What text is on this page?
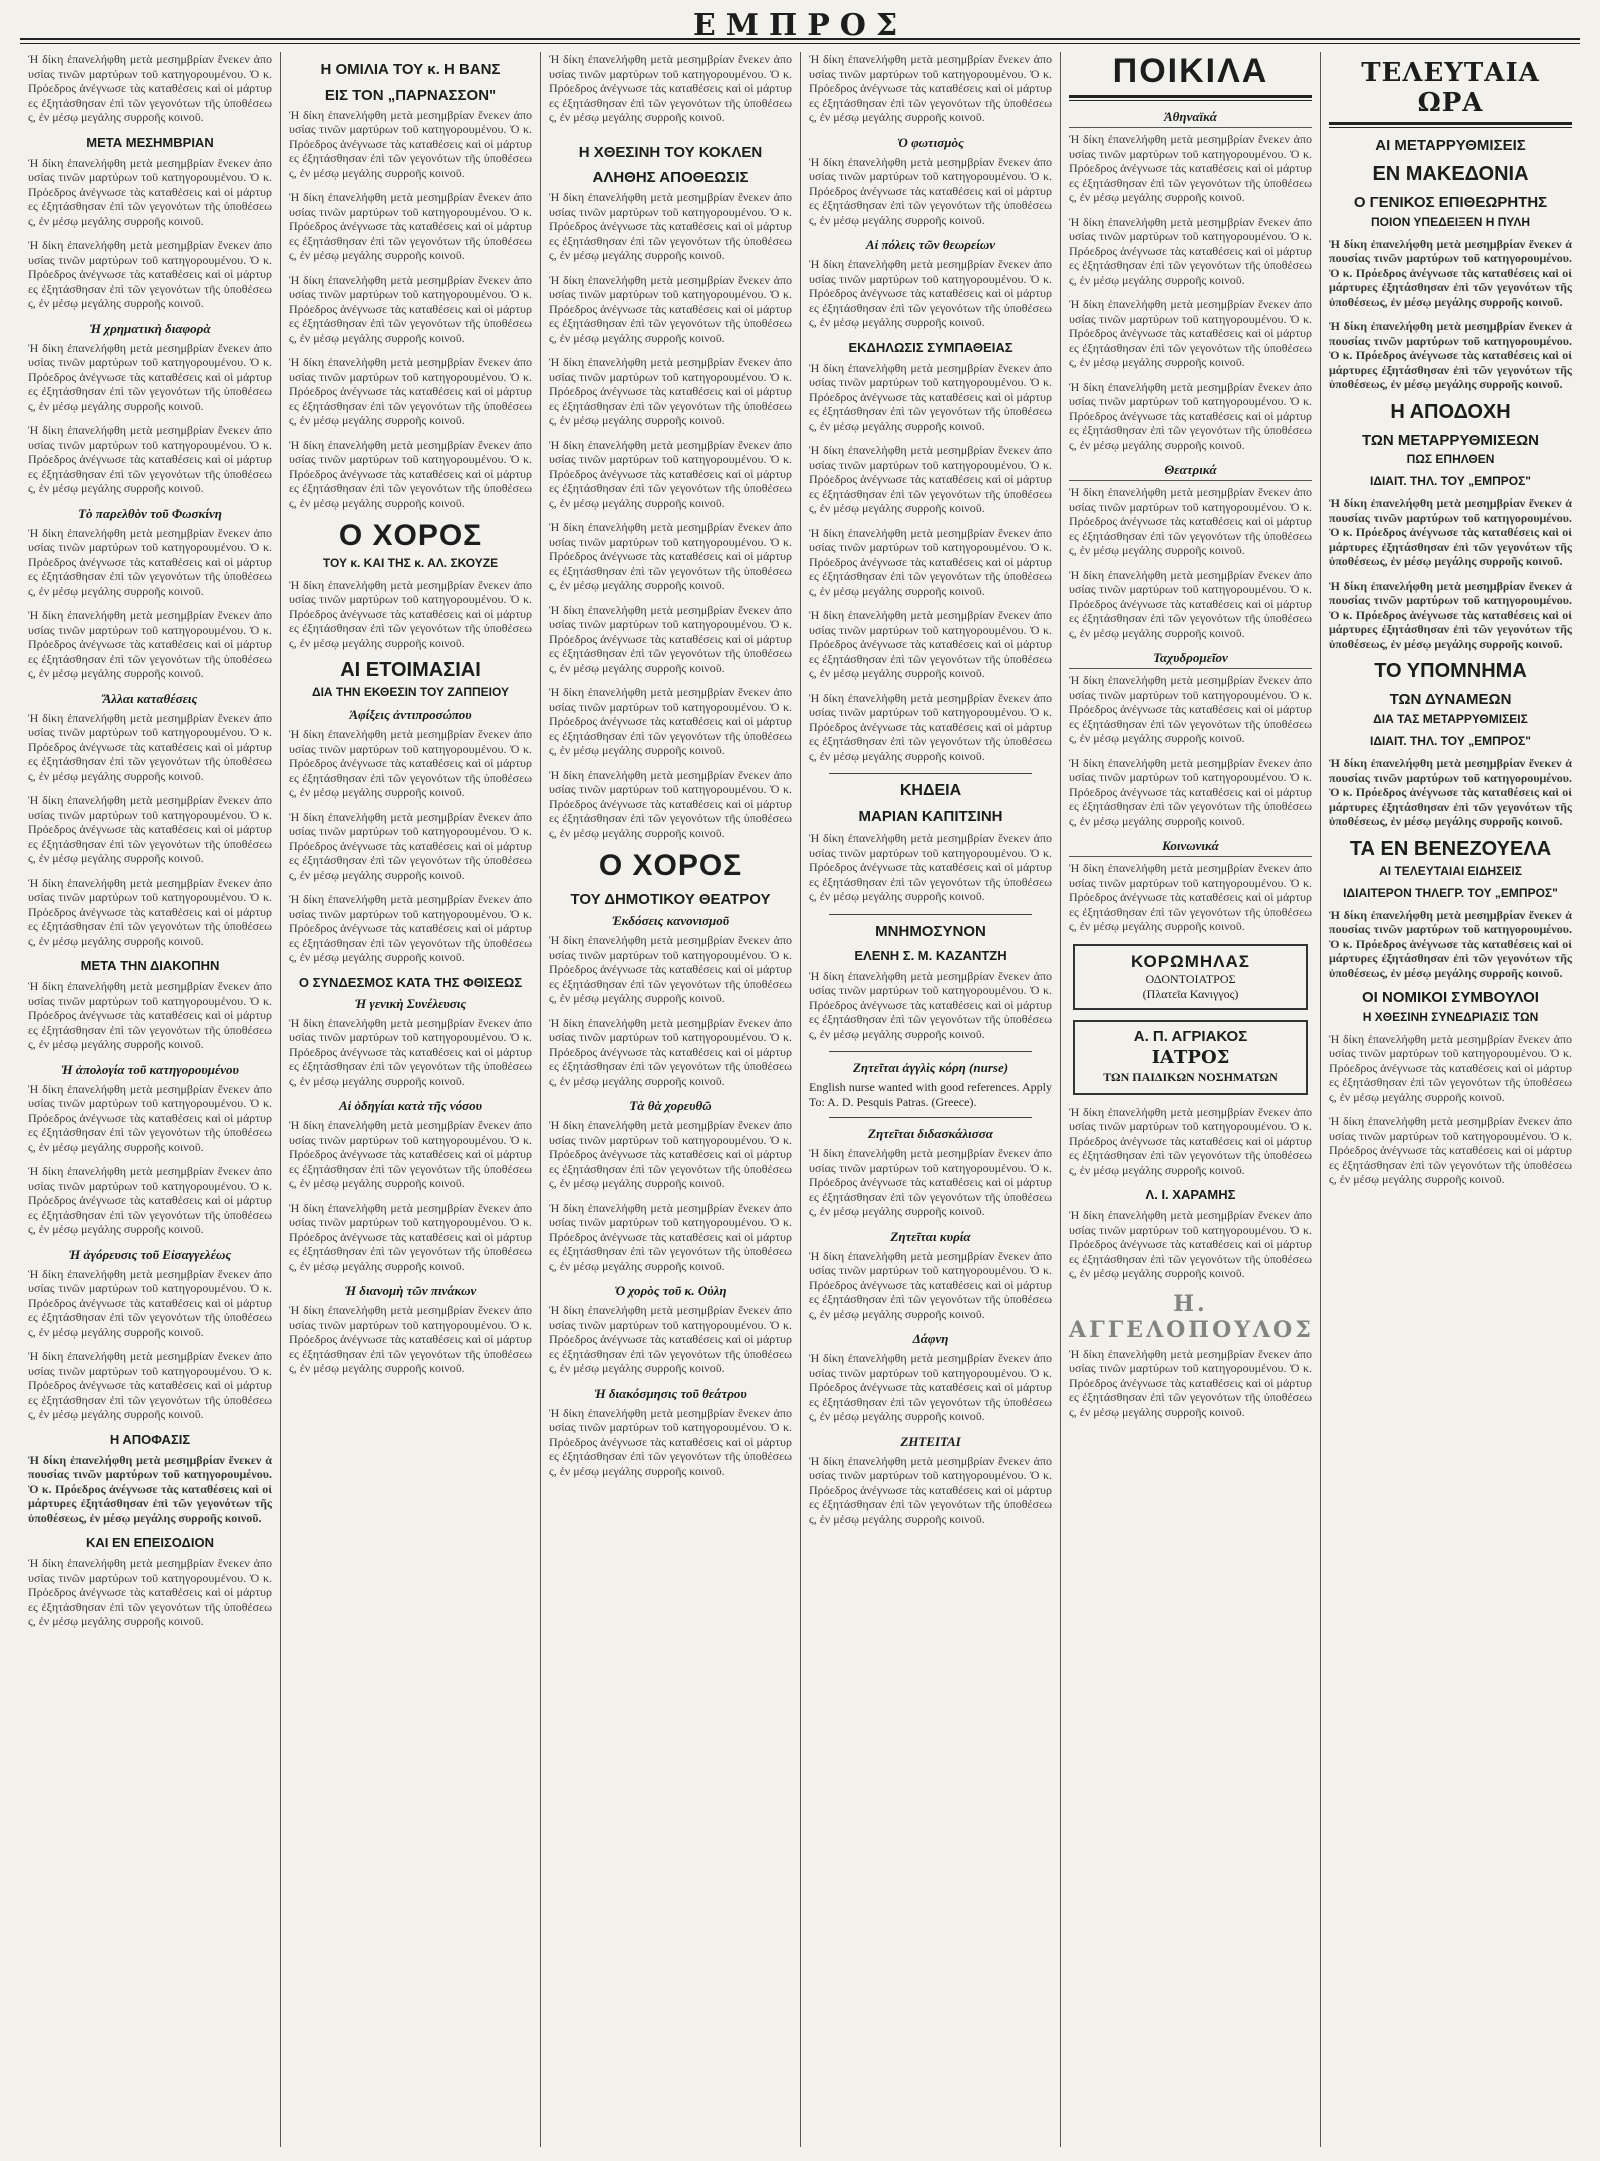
ΕΜΠΡΟΣ

Ἡ δίκη ἐπανελήφθη μετὰ μεσημβρίαν ἕνεκεν ἀπουσίας τινῶν μαρτύρων τοῦ κατηγορουμένου. Ὁ κ. Πρόεδρος ἀνέγνωσε τὰς καταθέσεις καὶ οἱ μάρτυρες ἐξητάσθησαν ἐπὶ τῶν γεγονότων τῆς ὑποθέσεως, ἐν μέσῳ μεγάλης συρροῆς κοινοῦ.

ΜΕΤΑ ΜΕΣΗΜΒΡΙΑΝ

Ἡ δίκη ἐπανελήφθη μετὰ μεσημβρίαν ἕνεκεν ἀπουσίας τινῶν μαρτύρων τοῦ κατηγορουμένου. Ὁ κ. Πρόεδρος ἀνέγνωσε τὰς καταθέσεις καὶ οἱ μάρτυρες ἐξητάσθησαν ἐπὶ τῶν γεγονότων τῆς ὑποθέσεως, ἐν μέσῳ μεγάλης συρροῆς κοινοῦ.

Ἡ δίκη ἐπανελήφθη μετὰ μεσημβρίαν ἕνεκεν ἀπουσίας τινῶν μαρτύρων τοῦ κατηγορουμένου. Ὁ κ. Πρόεδρος ἀνέγνωσε τὰς καταθέσεις καὶ οἱ μάρτυρες ἐξητάσθησαν ἐπὶ τῶν γεγονότων τῆς ὑποθέσεως, ἐν μέσῳ μεγάλης συρροῆς κοινοῦ.

Ἡ χρηματικὴ διαφορὰ

Ἡ δίκη ἐπανελήφθη μετὰ μεσημβρίαν ἕνεκεν ἀπουσίας τινῶν μαρτύρων τοῦ κατηγορουμένου. Ὁ κ. Πρόεδρος ἀνέγνωσε τὰς καταθέσεις καὶ οἱ μάρτυρες ἐξητάσθησαν ἐπὶ τῶν γεγονότων τῆς ὑποθέσεως, ἐν μέσῳ μεγάλης συρροῆς κοινοῦ.

Ἡ δίκη ἐπανελήφθη μετὰ μεσημβρίαν ἕνεκεν ἀπουσίας τινῶν μαρτύρων τοῦ κατηγορουμένου. Ὁ κ. Πρόεδρος ἀνέγνωσε τὰς καταθέσεις καὶ οἱ μάρτυρες ἐξητάσθησαν ἐπὶ τῶν γεγονότων τῆς ὑποθέσεως, ἐν μέσῳ μεγάλης συρροῆς κοινοῦ.

Τὸ παρελθὸν τοῦ Φωσκίνη

Ἡ δίκη ἐπανελήφθη μετὰ μεσημβρίαν ἕνεκεν ἀπουσίας τινῶν μαρτύρων τοῦ κατηγορουμένου. Ὁ κ. Πρόεδρος ἀνέγνωσε τὰς καταθέσεις καὶ οἱ μάρτυρες ἐξητάσθησαν ἐπὶ τῶν γεγονότων τῆς ὑποθέσεως, ἐν μέσῳ μεγάλης συρροῆς κοινοῦ.

Ἡ δίκη ἐπανελήφθη μετὰ μεσημβρίαν ἕνεκεν ἀπουσίας τινῶν μαρτύρων τοῦ κατηγορουμένου. Ὁ κ. Πρόεδρος ἀνέγνωσε τὰς καταθέσεις καὶ οἱ μάρτυρες ἐξητάσθησαν ἐπὶ τῶν γεγονότων τῆς ὑποθέσεως, ἐν μέσῳ μεγάλης συρροῆς κοινοῦ.

Ἄλλαι καταθέσεις

Ἡ δίκη ἐπανελήφθη μετὰ μεσημβρίαν ἕνεκεν ἀπουσίας τινῶν μαρτύρων τοῦ κατηγορουμένου. Ὁ κ. Πρόεδρος ἀνέγνωσε τὰς καταθέσεις καὶ οἱ μάρτυρες ἐξητάσθησαν ἐπὶ τῶν γεγονότων τῆς ὑποθέσεως, ἐν μέσῳ μεγάλης συρροῆς κοινοῦ.

Ἡ δίκη ἐπανελήφθη μετὰ μεσημβρίαν ἕνεκεν ἀπουσίας τινῶν μαρτύρων τοῦ κατηγορουμένου. Ὁ κ. Πρόεδρος ἀνέγνωσε τὰς καταθέσεις καὶ οἱ μάρτυρες ἐξητάσθησαν ἐπὶ τῶν γεγονότων τῆς ὑποθέσεως, ἐν μέσῳ μεγάλης συρροῆς κοινοῦ.

Ἡ δίκη ἐπανελήφθη μετὰ μεσημβρίαν ἕνεκεν ἀπουσίας τινῶν μαρτύρων τοῦ κατηγορουμένου. Ὁ κ. Πρόεδρος ἀνέγνωσε τὰς καταθέσεις καὶ οἱ μάρτυρες ἐξητάσθησαν ἐπὶ τῶν γεγονότων τῆς ὑποθέσεως, ἐν μέσῳ μεγάλης συρροῆς κοινοῦ.

ΜΕΤΑ ΤΗΝ ΔΙΑΚΟΠΗΝ

Ἡ δίκη ἐπανελήφθη μετὰ μεσημβρίαν ἕνεκεν ἀπουσίας τινῶν μαρτύρων τοῦ κατηγορουμένου. Ὁ κ. Πρόεδρος ἀνέγνωσε τὰς καταθέσεις καὶ οἱ μάρτυρες ἐξητάσθησαν ἐπὶ τῶν γεγονότων τῆς ὑποθέσεως, ἐν μέσῳ μεγάλης συρροῆς κοινοῦ.

Ἡ ἀπολογία τοῦ κατηγορουμένου

Ἡ δίκη ἐπανελήφθη μετὰ μεσημβρίαν ἕνεκεν ἀπουσίας τινῶν μαρτύρων τοῦ κατηγορουμένου. Ὁ κ. Πρόεδρος ἀνέγνωσε τὰς καταθέσεις καὶ οἱ μάρτυρες ἐξητάσθησαν ἐπὶ τῶν γεγονότων τῆς ὑποθέσεως, ἐν μέσῳ μεγάλης συρροῆς κοινοῦ.

Ἡ δίκη ἐπανελήφθη μετὰ μεσημβρίαν ἕνεκεν ἀπουσίας τινῶν μαρτύρων τοῦ κατηγορουμένου. Ὁ κ. Πρόεδρος ἀνέγνωσε τὰς καταθέσεις καὶ οἱ μάρτυρες ἐξητάσθησαν ἐπὶ τῶν γεγονότων τῆς ὑποθέσεως, ἐν μέσῳ μεγάλης συρροῆς κοινοῦ.

Ἡ ἀγόρευσις τοῦ Εἰσαγγελέως

Ἡ δίκη ἐπανελήφθη μετὰ μεσημβρίαν ἕνεκεν ἀπουσίας τινῶν μαρτύρων τοῦ κατηγορουμένου. Ὁ κ. Πρόεδρος ἀνέγνωσε τὰς καταθέσεις καὶ οἱ μάρτυρες ἐξητάσθησαν ἐπὶ τῶν γεγονότων τῆς ὑποθέσεως, ἐν μέσῳ μεγάλης συρροῆς κοινοῦ.

Ἡ δίκη ἐπανελήφθη μετὰ μεσημβρίαν ἕνεκεν ἀπουσίας τινῶν μαρτύρων τοῦ κατηγορουμένου. Ὁ κ. Πρόεδρος ἀνέγνωσε τὰς καταθέσεις καὶ οἱ μάρτυρες ἐξητάσθησαν ἐπὶ τῶν γεγονότων τῆς ὑποθέσεως, ἐν μέσῳ μεγάλης συρροῆς κοινοῦ.

Η ΑΠΟΦΑΣΙΣ

Ἡ δίκη ἐπανελήφθη μετὰ μεσημβρίαν ἕνεκεν ἀπουσίας τινῶν μαρτύρων τοῦ κατηγορουμένου. Ὁ κ. Πρόεδρος ἀνέγνωσε τὰς καταθέσεις καὶ οἱ μάρτυρες ἐξητάσθησαν ἐπὶ τῶν γεγονότων τῆς ὑποθέσεως, ἐν μέσῳ μεγάλης συρροῆς κοινοῦ.

ΚΑΙ ΕΝ ΕΠΕΙΣΟΔΙΟΝ

Ἡ δίκη ἐπανελήφθη μετὰ μεσημβρίαν ἕνεκεν ἀπουσίας τινῶν μαρτύρων τοῦ κατηγορουμένου. Ὁ κ. Πρόεδρος ἀνέγνωσε τὰς καταθέσεις καὶ οἱ μάρτυρες ἐξητάσθησαν ἐπὶ τῶν γεγονότων τῆς ὑποθέσεως, ἐν μέσῳ μεγάλης συρροῆς κοινοῦ.

Η ΟΜΙΛΙΑ ΤΟΥ κ. Η ΒΑΝΣ
ΕΙΣ ΤΟΝ „ΠΑΡΝΑΣΣΟΝ"

Ἡ δίκη ἐπανελήφθη μετὰ μεσημβρίαν ἕνεκεν ἀπουσίας τινῶν μαρτύρων τοῦ κατηγορουμένου. Ὁ κ. Πρόεδρος ἀνέγνωσε τὰς καταθέσεις καὶ οἱ μάρτυρες ἐξητάσθησαν ἐπὶ τῶν γεγονότων τῆς ὑποθέσεως, ἐν μέσῳ μεγάλης συρροῆς κοινοῦ.

Ἡ δίκη ἐπανελήφθη μετὰ μεσημβρίαν ἕνεκεν ἀπουσίας τινῶν μαρτύρων τοῦ κατηγορουμένου. Ὁ κ. Πρόεδρος ἀνέγνωσε τὰς καταθέσεις καὶ οἱ μάρτυρες ἐξητάσθησαν ἐπὶ τῶν γεγονότων τῆς ὑποθέσεως, ἐν μέσῳ μεγάλης συρροῆς κοινοῦ.

Ἡ δίκη ἐπανελήφθη μετὰ μεσημβρίαν ἕνεκεν ἀπουσίας τινῶν μαρτύρων τοῦ κατηγορουμένου. Ὁ κ. Πρόεδρος ἀνέγνωσε τὰς καταθέσεις καὶ οἱ μάρτυρες ἐξητάσθησαν ἐπὶ τῶν γεγονότων τῆς ὑποθέσεως, ἐν μέσῳ μεγάλης συρροῆς κοινοῦ.

Ἡ δίκη ἐπανελήφθη μετὰ μεσημβρίαν ἕνεκεν ἀπουσίας τινῶν μαρτύρων τοῦ κατηγορουμένου. Ὁ κ. Πρόεδρος ἀνέγνωσε τὰς καταθέσεις καὶ οἱ μάρτυρες ἐξητάσθησαν ἐπὶ τῶν γεγονότων τῆς ὑποθέσεως, ἐν μέσῳ μεγάλης συρροῆς κοινοῦ.

Ἡ δίκη ἐπανελήφθη μετὰ μεσημβρίαν ἕνεκεν ἀπουσίας τινῶν μαρτύρων τοῦ κατηγορουμένου. Ὁ κ. Πρόεδρος ἀνέγνωσε τὰς καταθέσεις καὶ οἱ μάρτυρες ἐξητάσθησαν ἐπὶ τῶν γεγονότων τῆς ὑποθέσεως, ἐν μέσῳ μεγάλης συρροῆς κοινοῦ.

Ο ΧΟΡΟΣ
ΤΟΥ κ. ΚΑΙ ΤΗΣ κ. ΑΛ. ΣΚΟΥΖΕ

Ἡ δίκη ἐπανελήφθη μετὰ μεσημβρίαν ἕνεκεν ἀπουσίας τινῶν μαρτύρων τοῦ κατηγορουμένου. Ὁ κ. Πρόεδρος ἀνέγνωσε τὰς καταθέσεις καὶ οἱ μάρτυρες ἐξητάσθησαν ἐπὶ τῶν γεγονότων τῆς ὑποθέσεως, ἐν μέσῳ μεγάλης συρροῆς κοινοῦ.

ΑΙ ΕΤΟΙΜΑΣΙΑΙ
ΔΙΑ ΤΗΝ ΕΚΘΕΣΙΝ ΤΟΥ ΖΑΠΠΕΙΟΥ
Ἀφίξεις ἀντιπροσώπου

Ἡ δίκη ἐπανελήφθη μετὰ μεσημβρίαν ἕνεκεν ἀπουσίας τινῶν μαρτύρων τοῦ κατηγορουμένου. Ὁ κ. Πρόεδρος ἀνέγνωσε τὰς καταθέσεις καὶ οἱ μάρτυρες ἐξητάσθησαν ἐπὶ τῶν γεγονότων τῆς ὑποθέσεως, ἐν μέσῳ μεγάλης συρροῆς κοινοῦ.

Ἡ δίκη ἐπανελήφθη μετὰ μεσημβρίαν ἕνεκεν ἀπουσίας τινῶν μαρτύρων τοῦ κατηγορουμένου. Ὁ κ. Πρόεδρος ἀνέγνωσε τὰς καταθέσεις καὶ οἱ μάρτυρες ἐξητάσθησαν ἐπὶ τῶν γεγονότων τῆς ὑποθέσεως, ἐν μέσῳ μεγάλης συρροῆς κοινοῦ.

Ἡ δίκη ἐπανελήφθη μετὰ μεσημβρίαν ἕνεκεν ἀπουσίας τινῶν μαρτύρων τοῦ κατηγορουμένου. Ὁ κ. Πρόεδρος ἀνέγνωσε τὰς καταθέσεις καὶ οἱ μάρτυρες ἐξητάσθησαν ἐπὶ τῶν γεγονότων τῆς ὑποθέσεως, ἐν μέσῳ μεγάλης συρροῆς κοινοῦ.

Ο ΣΥΝΔΕΣΜΟΣ ΚΑΤΑ ΤΗΣ ΦΘΙΣΕΩΣ
Ἡ γενικὴ Συνέλευσις

Ἡ δίκη ἐπανελήφθη μετὰ μεσημβρίαν ἕνεκεν ἀπουσίας τινῶν μαρτύρων τοῦ κατηγορουμένου. Ὁ κ. Πρόεδρος ἀνέγνωσε τὰς καταθέσεις καὶ οἱ μάρτυρες ἐξητάσθησαν ἐπὶ τῶν γεγονότων τῆς ὑποθέσεως, ἐν μέσῳ μεγάλης συρροῆς κοινοῦ.

Αἱ ὁδηγίαι κατὰ τῆς νόσου

Ἡ δίκη ἐπανελήφθη μετὰ μεσημβρίαν ἕνεκεν ἀπουσίας τινῶν μαρτύρων τοῦ κατηγορουμένου. Ὁ κ. Πρόεδρος ἀνέγνωσε τὰς καταθέσεις καὶ οἱ μάρτυρες ἐξητάσθησαν ἐπὶ τῶν γεγονότων τῆς ὑποθέσεως, ἐν μέσῳ μεγάλης συρροῆς κοινοῦ.

Ἡ δίκη ἐπανελήφθη μετὰ μεσημβρίαν ἕνεκεν ἀπουσίας τινῶν μαρτύρων τοῦ κατηγορουμένου. Ὁ κ. Πρόεδρος ἀνέγνωσε τὰς καταθέσεις καὶ οἱ μάρτυρες ἐξητάσθησαν ἐπὶ τῶν γεγονότων τῆς ὑποθέσεως, ἐν μέσῳ μεγάλης συρροῆς κοινοῦ.

Ἡ διανομὴ τῶν πινάκων

Ἡ δίκη ἐπανελήφθη μετὰ μεσημβρίαν ἕνεκεν ἀπουσίας τινῶν μαρτύρων τοῦ κατηγορουμένου. Ὁ κ. Πρόεδρος ἀνέγνωσε τὰς καταθέσεις καὶ οἱ μάρτυρες ἐξητάσθησαν ἐπὶ τῶν γεγονότων τῆς ὑποθέσεως, ἐν μέσῳ μεγάλης συρροῆς κοινοῦ.

Ἡ δίκη ἐπανελήφθη μετὰ μεσημβρίαν ἕνεκεν ἀπουσίας τινῶν μαρτύρων τοῦ κατηγορουμένου. Ὁ κ. Πρόεδρος ἀνέγνωσε τὰς καταθέσεις καὶ οἱ μάρτυρες ἐξητάσθησαν ἐπὶ τῶν γεγονότων τῆς ὑποθέσεως, ἐν μέσῳ μεγάλης συρροῆς κοινοῦ.

Η ΧΘΕΣΙΝΗ ΤΟΥ ΚΟΚΛΕΝ
ΑΛΗΘΗΣ ΑΠΟΘΕΩΣΙΣ

Ἡ δίκη ἐπανελήφθη μετὰ μεσημβρίαν ἕνεκεν ἀπουσίας τινῶν μαρτύρων τοῦ κατηγορουμένου. Ὁ κ. Πρόεδρος ἀνέγνωσε τὰς καταθέσεις καὶ οἱ μάρτυρες ἐξητάσθησαν ἐπὶ τῶν γεγονότων τῆς ὑποθέσεως, ἐν μέσῳ μεγάλης συρροῆς κοινοῦ.

Ἡ δίκη ἐπανελήφθη μετὰ μεσημβρίαν ἕνεκεν ἀπουσίας τινῶν μαρτύρων τοῦ κατηγορουμένου. Ὁ κ. Πρόεδρος ἀνέγνωσε τὰς καταθέσεις καὶ οἱ μάρτυρες ἐξητάσθησαν ἐπὶ τῶν γεγονότων τῆς ὑποθέσεως, ἐν μέσῳ μεγάλης συρροῆς κοινοῦ.

Ἡ δίκη ἐπανελήφθη μετὰ μεσημβρίαν ἕνεκεν ἀπουσίας τινῶν μαρτύρων τοῦ κατηγορουμένου. Ὁ κ. Πρόεδρος ἀνέγνωσε τὰς καταθέσεις καὶ οἱ μάρτυρες ἐξητάσθησαν ἐπὶ τῶν γεγονότων τῆς ὑποθέσεως, ἐν μέσῳ μεγάλης συρροῆς κοινοῦ.

Ἡ δίκη ἐπανελήφθη μετὰ μεσημβρίαν ἕνεκεν ἀπουσίας τινῶν μαρτύρων τοῦ κατηγορουμένου. Ὁ κ. Πρόεδρος ἀνέγνωσε τὰς καταθέσεις καὶ οἱ μάρτυρες ἐξητάσθησαν ἐπὶ τῶν γεγονότων τῆς ὑποθέσεως, ἐν μέσῳ μεγάλης συρροῆς κοινοῦ.

Ἡ δίκη ἐπανελήφθη μετὰ μεσημβρίαν ἕνεκεν ἀπουσίας τινῶν μαρτύρων τοῦ κατηγορουμένου. Ὁ κ. Πρόεδρος ἀνέγνωσε τὰς καταθέσεις καὶ οἱ μάρτυρες ἐξητάσθησαν ἐπὶ τῶν γεγονότων τῆς ὑποθέσεως, ἐν μέσῳ μεγάλης συρροῆς κοινοῦ.

Ἡ δίκη ἐπανελήφθη μετὰ μεσημβρίαν ἕνεκεν ἀπουσίας τινῶν μαρτύρων τοῦ κατηγορουμένου. Ὁ κ. Πρόεδρος ἀνέγνωσε τὰς καταθέσεις καὶ οἱ μάρτυρες ἐξητάσθησαν ἐπὶ τῶν γεγονότων τῆς ὑποθέσεως, ἐν μέσῳ μεγάλης συρροῆς κοινοῦ.

Ἡ δίκη ἐπανελήφθη μετὰ μεσημβρίαν ἕνεκεν ἀπουσίας τινῶν μαρτύρων τοῦ κατηγορουμένου. Ὁ κ. Πρόεδρος ἀνέγνωσε τὰς καταθέσεις καὶ οἱ μάρτυρες ἐξητάσθησαν ἐπὶ τῶν γεγονότων τῆς ὑποθέσεως, ἐν μέσῳ μεγάλης συρροῆς κοινοῦ.

Ἡ δίκη ἐπανελήφθη μετὰ μεσημβρίαν ἕνεκεν ἀπουσίας τινῶν μαρτύρων τοῦ κατηγορουμένου. Ὁ κ. Πρόεδρος ἀνέγνωσε τὰς καταθέσεις καὶ οἱ μάρτυρες ἐξητάσθησαν ἐπὶ τῶν γεγονότων τῆς ὑποθέσεως, ἐν μέσῳ μεγάλης συρροῆς κοινοῦ.

Ο ΧΟΡΟΣ
ΤΟΥ ΔΗΜΟΤΙΚΟΥ ΘΕΑΤΡΟΥ
Ἐκδόσεις κανονισμοῦ

Ἡ δίκη ἐπανελήφθη μετὰ μεσημβρίαν ἕνεκεν ἀπουσίας τινῶν μαρτύρων τοῦ κατηγορουμένου. Ὁ κ. Πρόεδρος ἀνέγνωσε τὰς καταθέσεις καὶ οἱ μάρτυρες ἐξητάσθησαν ἐπὶ τῶν γεγονότων τῆς ὑποθέσεως, ἐν μέσῳ μεγάλης συρροῆς κοινοῦ.

Ἡ δίκη ἐπανελήφθη μετὰ μεσημβρίαν ἕνεκεν ἀπουσίας τινῶν μαρτύρων τοῦ κατηγορουμένου. Ὁ κ. Πρόεδρος ἀνέγνωσε τὰς καταθέσεις καὶ οἱ μάρτυρες ἐξητάσθησαν ἐπὶ τῶν γεγονότων τῆς ὑποθέσεως, ἐν μέσῳ μεγάλης συρροῆς κοινοῦ.

Τὰ θὰ χορευθῶ

Ἡ δίκη ἐπανελήφθη μετὰ μεσημβρίαν ἕνεκεν ἀπουσίας τινῶν μαρτύρων τοῦ κατηγορουμένου. Ὁ κ. Πρόεδρος ἀνέγνωσε τὰς καταθέσεις καὶ οἱ μάρτυρες ἐξητάσθησαν ἐπὶ τῶν γεγονότων τῆς ὑποθέσεως, ἐν μέσῳ μεγάλης συρροῆς κοινοῦ.

Ἡ δίκη ἐπανελήφθη μετὰ μεσημβρίαν ἕνεκεν ἀπουσίας τινῶν μαρτύρων τοῦ κατηγορουμένου. Ὁ κ. Πρόεδρος ἀνέγνωσε τὰς καταθέσεις καὶ οἱ μάρτυρες ἐξητάσθησαν ἐπὶ τῶν γεγονότων τῆς ὑποθέσεως, ἐν μέσῳ μεγάλης συρροῆς κοινοῦ.

Ὁ χορὸς τοῦ κ. Οὐλη

Ἡ δίκη ἐπανελήφθη μετὰ μεσημβρίαν ἕνεκεν ἀπουσίας τινῶν μαρτύρων τοῦ κατηγορουμένου. Ὁ κ. Πρόεδρος ἀνέγνωσε τὰς καταθέσεις καὶ οἱ μάρτυρες ἐξητάσθησαν ἐπὶ τῶν γεγονότων τῆς ὑποθέσεως, ἐν μέσῳ μεγάλης συρροῆς κοινοῦ.

Ἡ διακόσμησις τοῦ θεάτρου

Ἡ δίκη ἐπανελήφθη μετὰ μεσημβρίαν ἕνεκεν ἀπουσίας τινῶν μαρτύρων τοῦ κατηγορουμένου. Ὁ κ. Πρόεδρος ἀνέγνωσε τὰς καταθέσεις καὶ οἱ μάρτυρες ἐξητάσθησαν ἐπὶ τῶν γεγονότων τῆς ὑποθέσεως, ἐν μέσῳ μεγάλης συρροῆς κοινοῦ.

Ἡ δίκη ἐπανελήφθη μετὰ μεσημβρίαν ἕνεκεν ἀπουσίας τινῶν μαρτύρων τοῦ κατηγορουμένου. Ὁ κ. Πρόεδρος ἀνέγνωσε τὰς καταθέσεις καὶ οἱ μάρτυρες ἐξητάσθησαν ἐπὶ τῶν γεγονότων τῆς ὑποθέσεως, ἐν μέσῳ μεγάλης συρροῆς κοινοῦ.

Ὁ φωτισμὸς

Ἡ δίκη ἐπανελήφθη μετὰ μεσημβρίαν ἕνεκεν ἀπουσίας τινῶν μαρτύρων τοῦ κατηγορουμένου. Ὁ κ. Πρόεδρος ἀνέγνωσε τὰς καταθέσεις καὶ οἱ μάρτυρες ἐξητάσθησαν ἐπὶ τῶν γεγονότων τῆς ὑποθέσεως, ἐν μέσῳ μεγάλης συρροῆς κοινοῦ.

Αἱ πόλεις τῶν θεωρείων

Ἡ δίκη ἐπανελήφθη μετὰ μεσημβρίαν ἕνεκεν ἀπουσίας τινῶν μαρτύρων τοῦ κατηγορουμένου. Ὁ κ. Πρόεδρος ἀνέγνωσε τὰς καταθέσεις καὶ οἱ μάρτυρες ἐξητάσθησαν ἐπὶ τῶν γεγονότων τῆς ὑποθέσεως, ἐν μέσῳ μεγάλης συρροῆς κοινοῦ.

ΕΚΔΗΛΩΣΙΣ ΣΥΜΠΑΘΕΙΑΣ

Ἡ δίκη ἐπανελήφθη μετὰ μεσημβρίαν ἕνεκεν ἀπουσίας τινῶν μαρτύρων τοῦ κατηγορουμένου. Ὁ κ. Πρόεδρος ἀνέγνωσε τὰς καταθέσεις καὶ οἱ μάρτυρες ἐξητάσθησαν ἐπὶ τῶν γεγονότων τῆς ὑποθέσεως, ἐν μέσῳ μεγάλης συρροῆς κοινοῦ.

Ἡ δίκη ἐπανελήφθη μετὰ μεσημβρίαν ἕνεκεν ἀπουσίας τινῶν μαρτύρων τοῦ κατηγορουμένου. Ὁ κ. Πρόεδρος ἀνέγνωσε τὰς καταθέσεις καὶ οἱ μάρτυρες ἐξητάσθησαν ἐπὶ τῶν γεγονότων τῆς ὑποθέσεως, ἐν μέσῳ μεγάλης συρροῆς κοινοῦ.

Ἡ δίκη ἐπανελήφθη μετὰ μεσημβρίαν ἕνεκεν ἀπουσίας τινῶν μαρτύρων τοῦ κατηγορουμένου. Ὁ κ. Πρόεδρος ἀνέγνωσε τὰς καταθέσεις καὶ οἱ μάρτυρες ἐξητάσθησαν ἐπὶ τῶν γεγονότων τῆς ὑποθέσεως, ἐν μέσῳ μεγάλης συρροῆς κοινοῦ.

Ἡ δίκη ἐπανελήφθη μετὰ μεσημβρίαν ἕνεκεν ἀπουσίας τινῶν μαρτύρων τοῦ κατηγορουμένου. Ὁ κ. Πρόεδρος ἀνέγνωσε τὰς καταθέσεις καὶ οἱ μάρτυρες ἐξητάσθησαν ἐπὶ τῶν γεγονότων τῆς ὑποθέσεως, ἐν μέσῳ μεγάλης συρροῆς κοινοῦ.

Ἡ δίκη ἐπανελήφθη μετὰ μεσημβρίαν ἕνεκεν ἀπουσίας τινῶν μαρτύρων τοῦ κατηγορουμένου. Ὁ κ. Πρόεδρος ἀνέγνωσε τὰς καταθέσεις καὶ οἱ μάρτυρες ἐξητάσθησαν ἐπὶ τῶν γεγονότων τῆς ὑποθέσεως, ἐν μέσῳ μεγάλης συρροῆς κοινοῦ.

ΚΗΔΕΙΑ
ΜΑΡΙΑΝ ΚΑΠΙΤΣΙΝΗ

Ἡ δίκη ἐπανελήφθη μετὰ μεσημβρίαν ἕνεκεν ἀπουσίας τινῶν μαρτύρων τοῦ κατηγορουμένου. Ὁ κ. Πρόεδρος ἀνέγνωσε τὰς καταθέσεις καὶ οἱ μάρτυρες ἐξητάσθησαν ἐπὶ τῶν γεγονότων τῆς ὑποθέσεως, ἐν μέσῳ μεγάλης συρροῆς κοινοῦ.

ΜΝΗΜΟΣΥΝΟΝ
ΕΛΕΝΗ Σ. Μ. ΚΑΖΑΝΤΖΗ

Ἡ δίκη ἐπανελήφθη μετὰ μεσημβρίαν ἕνεκεν ἀπουσίας τινῶν μαρτύρων τοῦ κατηγορουμένου. Ὁ κ. Πρόεδρος ἀνέγνωσε τὰς καταθέσεις καὶ οἱ μάρτυρες ἐξητάσθησαν ἐπὶ τῶν γεγονότων τῆς ὑποθέσεως, ἐν μέσῳ μεγάλης συρροῆς κοινοῦ.

Ζητεῖται ἀγγλὶς κόρη (nurse)

English nurse wanted with good references. Apply To: A. D. Pesquis Patras. (Greece).

Ζητεῖται διδασκάλισσα

Ἡ δίκη ἐπανελήφθη μετὰ μεσημβρίαν ἕνεκεν ἀπουσίας τινῶν μαρτύρων τοῦ κατηγορουμένου. Ὁ κ. Πρόεδρος ἀνέγνωσε τὰς καταθέσεις καὶ οἱ μάρτυρες ἐξητάσθησαν ἐπὶ τῶν γεγονότων τῆς ὑποθέσεως, ἐν μέσῳ μεγάλης συρροῆς κοινοῦ.

Ζητεῖται κυρία

Ἡ δίκη ἐπανελήφθη μετὰ μεσημβρίαν ἕνεκεν ἀπουσίας τινῶν μαρτύρων τοῦ κατηγορουμένου. Ὁ κ. Πρόεδρος ἀνέγνωσε τὰς καταθέσεις καὶ οἱ μάρτυρες ἐξητάσθησαν ἐπὶ τῶν γεγονότων τῆς ὑποθέσεως, ἐν μέσῳ μεγάλης συρροῆς κοινοῦ.

Δάφνη

Ἡ δίκη ἐπανελήφθη μετὰ μεσημβρίαν ἕνεκεν ἀπουσίας τινῶν μαρτύρων τοῦ κατηγορουμένου. Ὁ κ. Πρόεδρος ἀνέγνωσε τὰς καταθέσεις καὶ οἱ μάρτυρες ἐξητάσθησαν ἐπὶ τῶν γεγονότων τῆς ὑποθέσεως, ἐν μέσῳ μεγάλης συρροῆς κοινοῦ.

ΖΗΤΕΙΤΑΙ

Ἡ δίκη ἐπανελήφθη μετὰ μεσημβρίαν ἕνεκεν ἀπουσίας τινῶν μαρτύρων τοῦ κατηγορουμένου. Ὁ κ. Πρόεδρος ἀνέγνωσε τὰς καταθέσεις καὶ οἱ μάρτυρες ἐξητάσθησαν ἐπὶ τῶν γεγονότων τῆς ὑποθέσεως, ἐν μέσῳ μεγάλης συρροῆς κοινοῦ.

ΠΟΙΚΙΛΑ
Ἀθηναϊκά

Ἡ δίκη ἐπανελήφθη μετὰ μεσημβρίαν ἕνεκεν ἀπουσίας τινῶν μαρτύρων τοῦ κατηγορουμένου. Ὁ κ. Πρόεδρος ἀνέγνωσε τὰς καταθέσεις καὶ οἱ μάρτυρες ἐξητάσθησαν ἐπὶ τῶν γεγονότων τῆς ὑποθέσεως, ἐν μέσῳ μεγάλης συρροῆς κοινοῦ.

Ἡ δίκη ἐπανελήφθη μετὰ μεσημβρίαν ἕνεκεν ἀπουσίας τινῶν μαρτύρων τοῦ κατηγορουμένου. Ὁ κ. Πρόεδρος ἀνέγνωσε τὰς καταθέσεις καὶ οἱ μάρτυρες ἐξητάσθησαν ἐπὶ τῶν γεγονότων τῆς ὑποθέσεως, ἐν μέσῳ μεγάλης συρροῆς κοινοῦ.

Ἡ δίκη ἐπανελήφθη μετὰ μεσημβρίαν ἕνεκεν ἀπουσίας τινῶν μαρτύρων τοῦ κατηγορουμένου. Ὁ κ. Πρόεδρος ἀνέγνωσε τὰς καταθέσεις καὶ οἱ μάρτυρες ἐξητάσθησαν ἐπὶ τῶν γεγονότων τῆς ὑποθέσεως, ἐν μέσῳ μεγάλης συρροῆς κοινοῦ.

Ἡ δίκη ἐπανελήφθη μετὰ μεσημβρίαν ἕνεκεν ἀπουσίας τινῶν μαρτύρων τοῦ κατηγορουμένου. Ὁ κ. Πρόεδρος ἀνέγνωσε τὰς καταθέσεις καὶ οἱ μάρτυρες ἐξητάσθησαν ἐπὶ τῶν γεγονότων τῆς ὑποθέσεως, ἐν μέσῳ μεγάλης συρροῆς κοινοῦ.

Θεατρικά

Ἡ δίκη ἐπανελήφθη μετὰ μεσημβρίαν ἕνεκεν ἀπουσίας τινῶν μαρτύρων τοῦ κατηγορουμένου. Ὁ κ. Πρόεδρος ἀνέγνωσε τὰς καταθέσεις καὶ οἱ μάρτυρες ἐξητάσθησαν ἐπὶ τῶν γεγονότων τῆς ὑποθέσεως, ἐν μέσῳ μεγάλης συρροῆς κοινοῦ.

Ἡ δίκη ἐπανελήφθη μετὰ μεσημβρίαν ἕνεκεν ἀπουσίας τινῶν μαρτύρων τοῦ κατηγορουμένου. Ὁ κ. Πρόεδρος ἀνέγνωσε τὰς καταθέσεις καὶ οἱ μάρτυρες ἐξητάσθησαν ἐπὶ τῶν γεγονότων τῆς ὑποθέσεως, ἐν μέσῳ μεγάλης συρροῆς κοινοῦ.

Ταχυδρομεῖον

Ἡ δίκη ἐπανελήφθη μετὰ μεσημβρίαν ἕνεκεν ἀπουσίας τινῶν μαρτύρων τοῦ κατηγορουμένου. Ὁ κ. Πρόεδρος ἀνέγνωσε τὰς καταθέσεις καὶ οἱ μάρτυρες ἐξητάσθησαν ἐπὶ τῶν γεγονότων τῆς ὑποθέσεως, ἐν μέσῳ μεγάλης συρροῆς κοινοῦ.

Ἡ δίκη ἐπανελήφθη μετὰ μεσημβρίαν ἕνεκεν ἀπουσίας τινῶν μαρτύρων τοῦ κατηγορουμένου. Ὁ κ. Πρόεδρος ἀνέγνωσε τὰς καταθέσεις καὶ οἱ μάρτυρες ἐξητάσθησαν ἐπὶ τῶν γεγονότων τῆς ὑποθέσεως, ἐν μέσῳ μεγάλης συρροῆς κοινοῦ.

Κοινωνικά

Ἡ δίκη ἐπανελήφθη μετὰ μεσημβρίαν ἕνεκεν ἀπουσίας τινῶν μαρτύρων τοῦ κατηγορουμένου. Ὁ κ. Πρόεδρος ἀνέγνωσε τὰς καταθέσεις καὶ οἱ μάρτυρες ἐξητάσθησαν ἐπὶ τῶν γεγονότων τῆς ὑποθέσεως, ἐν μέσῳ μεγάλης συρροῆς κοινοῦ.

ΚΟΡΩΜΗΛΑΣ
ΟΔΟΝΤΟΙΑΤΡΟΣ
(Πλατεῖα Κανιγγος)
Α. Π. ΑΓΡΙΑΚΟΣ
ΙΑΤΡΟΣ
ΤΩΝ ΠΑΙΔΙΚΩΝ ΝΟΣΗΜΑΤΩΝ

Ἡ δίκη ἐπανελήφθη μετὰ μεσημβρίαν ἕνεκεν ἀπουσίας τινῶν μαρτύρων τοῦ κατηγορουμένου. Ὁ κ. Πρόεδρος ἀνέγνωσε τὰς καταθέσεις καὶ οἱ μάρτυρες ἐξητάσθησαν ἐπὶ τῶν γεγονότων τῆς ὑποθέσεως, ἐν μέσῳ μεγάλης συρροῆς κοινοῦ.

Λ. Ι. ΧΑΡΑΜΗΣ

Ἡ δίκη ἐπανελήφθη μετὰ μεσημβρίαν ἕνεκεν ἀπουσίας τινῶν μαρτύρων τοῦ κατηγορουμένου. Ὁ κ. Πρόεδρος ἀνέγνωσε τὰς καταθέσεις καὶ οἱ μάρτυρες ἐξητάσθησαν ἐπὶ τῶν γεγονότων τῆς ὑποθέσεως, ἐν μέσῳ μεγάλης συρροῆς κοινοῦ.

Η. ΑΓΓΕΛΟΠΟΥΛΟΣ

Ἡ δίκη ἐπανελήφθη μετὰ μεσημβρίαν ἕνεκεν ἀπουσίας τινῶν μαρτύρων τοῦ κατηγορουμένου. Ὁ κ. Πρόεδρος ἀνέγνωσε τὰς καταθέσεις καὶ οἱ μάρτυρες ἐξητάσθησαν ἐπὶ τῶν γεγονότων τῆς ὑποθέσεως, ἐν μέσῳ μεγάλης συρροῆς κοινοῦ.

ΤΕΛΕΥΤΑΙΑ ΩΡΑ
ΑΙ ΜΕΤΑΡΡΥΘΜΙΣΕΙΣ
ΕΝ ΜΑΚΕΔΟΝΙΑ
Ο ΓΕΝΙΚΟΣ ΕΠΙΘΕΩΡΗΤΗΣ
ΠΟΙΟΝ ΥΠΕΔΕΙΞΕΝ Η ΠΥΛΗ

Ἡ δίκη ἐπανελήφθη μετὰ μεσημβρίαν ἕνεκεν ἀπουσίας τινῶν μαρτύρων τοῦ κατηγορουμένου. Ὁ κ. Πρόεδρος ἀνέγνωσε τὰς καταθέσεις καὶ οἱ μάρτυρες ἐξητάσθησαν ἐπὶ τῶν γεγονότων τῆς ὑποθέσεως, ἐν μέσῳ μεγάλης συρροῆς κοινοῦ.

Ἡ δίκη ἐπανελήφθη μετὰ μεσημβρίαν ἕνεκεν ἀπουσίας τινῶν μαρτύρων τοῦ κατηγορουμένου. Ὁ κ. Πρόεδρος ἀνέγνωσε τὰς καταθέσεις καὶ οἱ μάρτυρες ἐξητάσθησαν ἐπὶ τῶν γεγονότων τῆς ὑποθέσεως, ἐν μέσῳ μεγάλης συρροῆς κοινοῦ.

Η ΑΠΟΔΟΧΗ
ΤΩΝ ΜΕΤΑΡΡΥΘΜΙΣΕΩΝ
ΠΩΣ ΕΠΗΛΘΕΝ
ΙΔΙΑΙΤ. ΤΗΛ. ΤΟΥ „ΕΜΠΡΟΣ"

Ἡ δίκη ἐπανελήφθη μετὰ μεσημβρίαν ἕνεκεν ἀπουσίας τινῶν μαρτύρων τοῦ κατηγορουμένου. Ὁ κ. Πρόεδρος ἀνέγνωσε τὰς καταθέσεις καὶ οἱ μάρτυρες ἐξητάσθησαν ἐπὶ τῶν γεγονότων τῆς ὑποθέσεως, ἐν μέσῳ μεγάλης συρροῆς κοινοῦ.

Ἡ δίκη ἐπανελήφθη μετὰ μεσημβρίαν ἕνεκεν ἀπουσίας τινῶν μαρτύρων τοῦ κατηγορουμένου. Ὁ κ. Πρόεδρος ἀνέγνωσε τὰς καταθέσεις καὶ οἱ μάρτυρες ἐξητάσθησαν ἐπὶ τῶν γεγονότων τῆς ὑποθέσεως, ἐν μέσῳ μεγάλης συρροῆς κοινοῦ.

ΤΟ ΥΠΟΜΝΗΜΑ
ΤΩΝ ΔΥΝΑΜΕΩΝ
ΔΙΑ ΤΑΣ ΜΕΤΑΡΡΥΘΜΙΣΕΙΣ
ΙΔΙΑΙΤ. ΤΗΛ. ΤΟΥ „ΕΜΠΡΟΣ"

Ἡ δίκη ἐπανελήφθη μετὰ μεσημβρίαν ἕνεκεν ἀπουσίας τινῶν μαρτύρων τοῦ κατηγορουμένου. Ὁ κ. Πρόεδρος ἀνέγνωσε τὰς καταθέσεις καὶ οἱ μάρτυρες ἐξητάσθησαν ἐπὶ τῶν γεγονότων τῆς ὑποθέσεως, ἐν μέσῳ μεγάλης συρροῆς κοινοῦ.

ΤΑ ΕΝ ΒΕΝΕΖΟΥΕΛΑ
ΑΙ ΤΕΛΕΥΤΑΙΑΙ ΕΙΔΗΣΕΙΣ
ΙΔΙΑΙΤΕΡΟΝ ΤΗΛΕΓΡ. ΤΟΥ „ΕΜΠΡΟΣ"

Ἡ δίκη ἐπανελήφθη μετὰ μεσημβρίαν ἕνεκεν ἀπουσίας τινῶν μαρτύρων τοῦ κατηγορουμένου. Ὁ κ. Πρόεδρος ἀνέγνωσε τὰς καταθέσεις καὶ οἱ μάρτυρες ἐξητάσθησαν ἐπὶ τῶν γεγονότων τῆς ὑποθέσεως, ἐν μέσῳ μεγάλης συρροῆς κοινοῦ.

ΟΙ ΝΟΜΙΚΟΙ ΣΥΜΒΟΥΛΟΙ
Η ΧΘΕΣΙΝΗ ΣΥΝΕΔΡΙΑΣΙΣ ΤΩΝ

Ἡ δίκη ἐπανελήφθη μετὰ μεσημβρίαν ἕνεκεν ἀπουσίας τινῶν μαρτύρων τοῦ κατηγορουμένου. Ὁ κ. Πρόεδρος ἀνέγνωσε τὰς καταθέσεις καὶ οἱ μάρτυρες ἐξητάσθησαν ἐπὶ τῶν γεγονότων τῆς ὑποθέσεως, ἐν μέσῳ μεγάλης συρροῆς κοινοῦ.

Ἡ δίκη ἐπανελήφθη μετὰ μεσημβρίαν ἕνεκεν ἀπουσίας τινῶν μαρτύρων τοῦ κατηγορουμένου. Ὁ κ. Πρόεδρος ἀνέγνωσε τὰς καταθέσεις καὶ οἱ μάρτυρες ἐξητάσθησαν ἐπὶ τῶν γεγονότων τῆς ὑποθέσεως, ἐν μέσῳ μεγάλης συρροῆς κοινοῦ.
